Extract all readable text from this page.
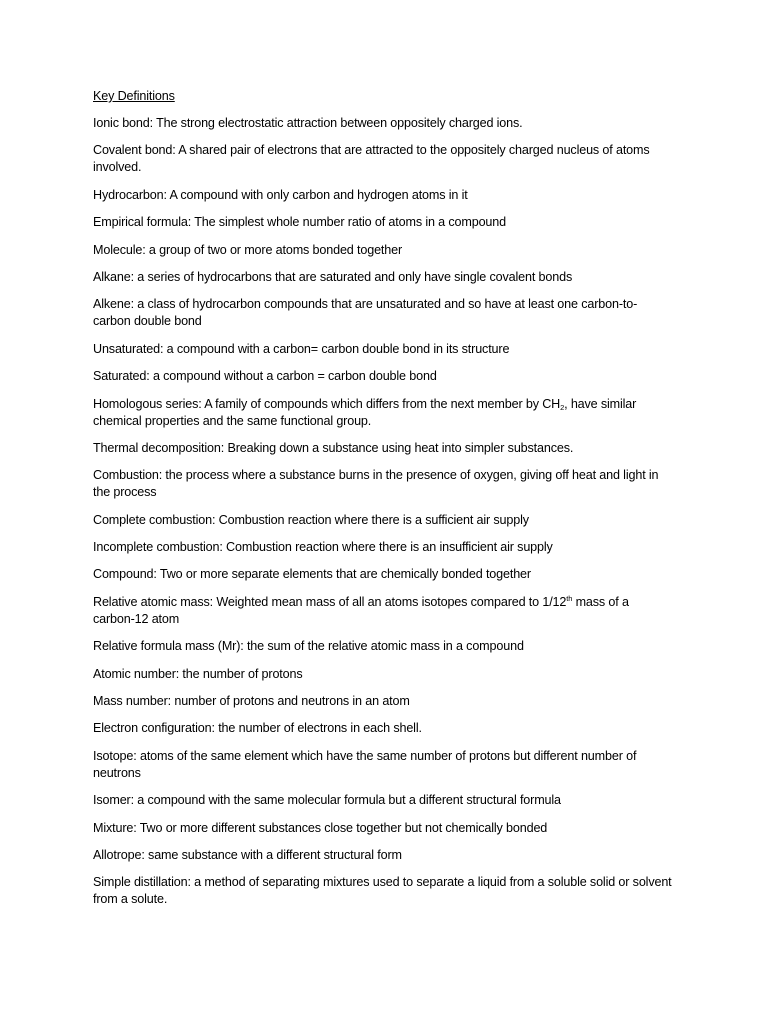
Key Definitions

Ionic bond: The strong electrostatic attraction between oppositely charged ions.

Covalent bond: A shared pair of electrons that are attracted to the oppositely charged nucleus of atoms involved.

Hydrocarbon: A compound with only carbon and hydrogen atoms in it

Empirical formula: The simplest whole number ratio of atoms in a compound

Molecule: a group of two or more atoms bonded together

Alkane: a series of hydrocarbons that are saturated and only have single covalent bonds

Alkene: a class of hydrocarbon compounds that are unsaturated and so have at least one carbon-to-carbon double bond

Unsaturated: a compound with a carbon= carbon double bond in its structure

Saturated: a compound without a carbon = carbon double bond

Homologous series: A family of compounds which differs from the next member by $CH_2$, have similar chemical properties and the same functional group.

Thermal decomposition: Breaking down a substance using heat into simpler substances.

Combustion: the process where a substance burns in the presence of oxygen, giving off heat and light in the process

Complete combustion: Combustion reaction where there is a sufficient air supply

Incomplete combustion: Combustion reaction where there is an insufficient air supply

Compound: Two or more separate elements that are chemically bonded together

Relative atomic mass: Weighted mean mass of all an atoms isotopes compared to 1/12th mass of a carbon-12 atom

Relative formula mass (Mr): the sum of the relative atomic mass in a compound

Atomic number: the number of protons

Mass number: number of protons and neutrons in an atom

Electron configuration: the number of electrons in each shell.

Isotope: atoms of the same element which have the same number of protons but different number of neutrons

Isomer: a compound with the same molecular formula but a different structural formula

Mixture: Two or more different substances close together but not chemically bonded

Allotrope: same substance with a different structural form

Simple distillation: a method of separating mixtures used to separate a liquid from a soluble solid or solvent from a solute.
